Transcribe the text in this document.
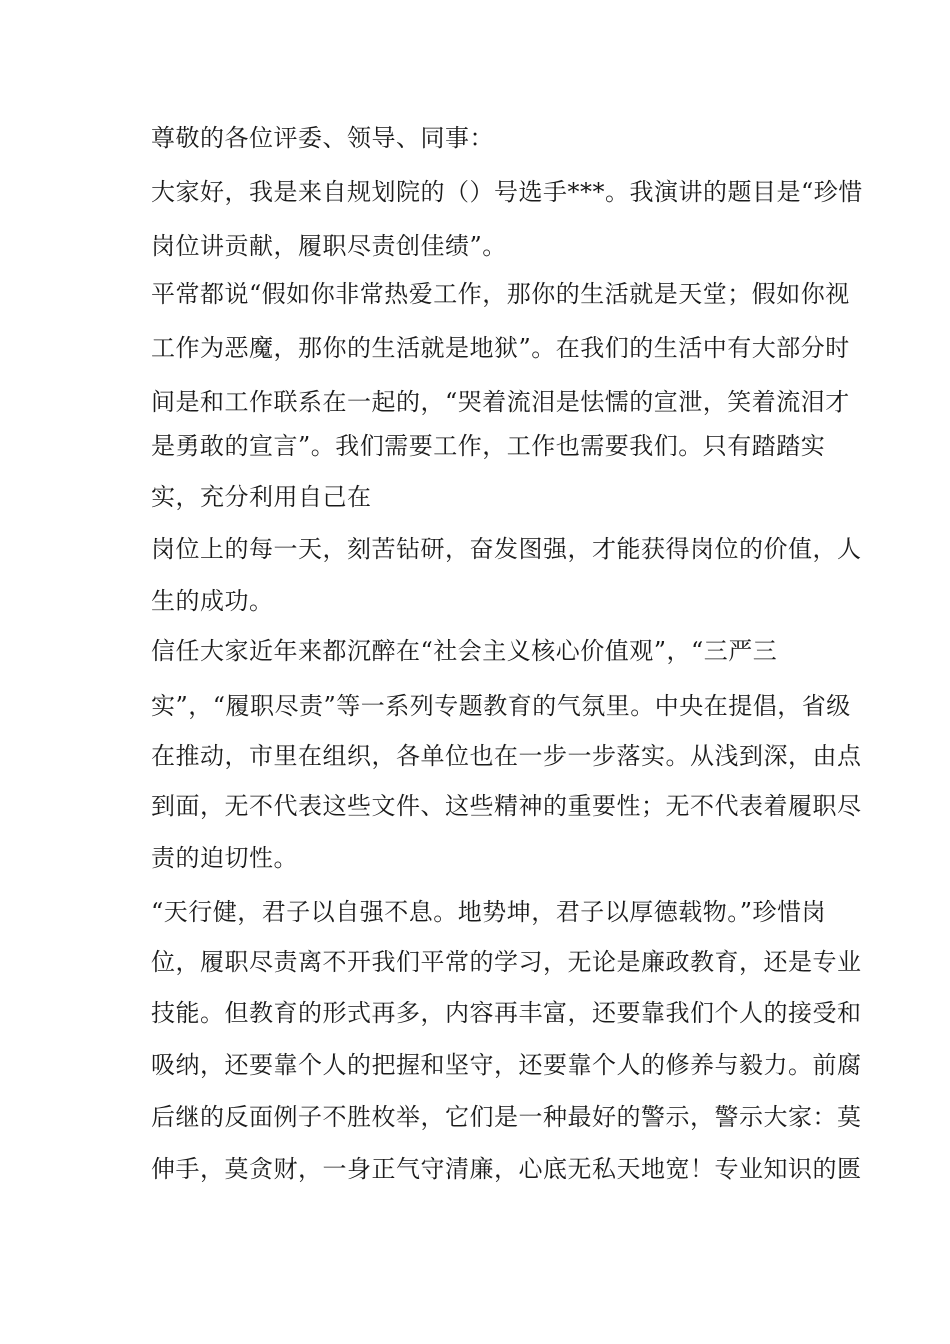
尊敬的各位评委、领导、同事：
大家好，我是来自规划院的（）号选手***。我演讲的题目是“珍惜
岗位讲贡献，履职尽责创佳绩”。
平常都说“假如你非常热爱工作，那你的生活就是天堂；假如你视
工作为恶魔，那你的生活就是地狱”。在我们的生活中有大部分时
间是和工作联系在一起的，“哭着流泪是怯懦的宣泄，笑着流泪才
是勇敢的宣言”。我们需要工作，工作也需要我们。只有踏踏实
实，充分利用自己在
岗位上的每一天，刻苦钻研，奋发图强，才能获得岗位的价值，人
生的成功。
信任大家近年来都沉醉在“社会主义核心价值观”，“三严三
实”，“履职尽责”等一系列专题教育的气氛里。中央在提倡，省级
在推动，市里在组织，各单位也在一步一步落实。从浅到深，由点
到面，无不代表这些文件、这些精神的重要性；无不代表着履职尽
责的迫切性。
“天行健，君子以自强不息。地势坤，君子以厚德载物。”珍惜岗
位，履职尽责离不开我们平常的学习，无论是廉政教育，还是专业
技能。但教育的形式再多，内容再丰富，还要靠我们个人的接受和
吸纳，还要靠个人的把握和坚守，还要靠个人的修养与毅力。前腐
后继的反面例子不胜枚举，它们是一种最好的警示，警示大家：莫
伸手，莫贪财，一身正气守清廉，心底无私天地宽！专业知识的匮
